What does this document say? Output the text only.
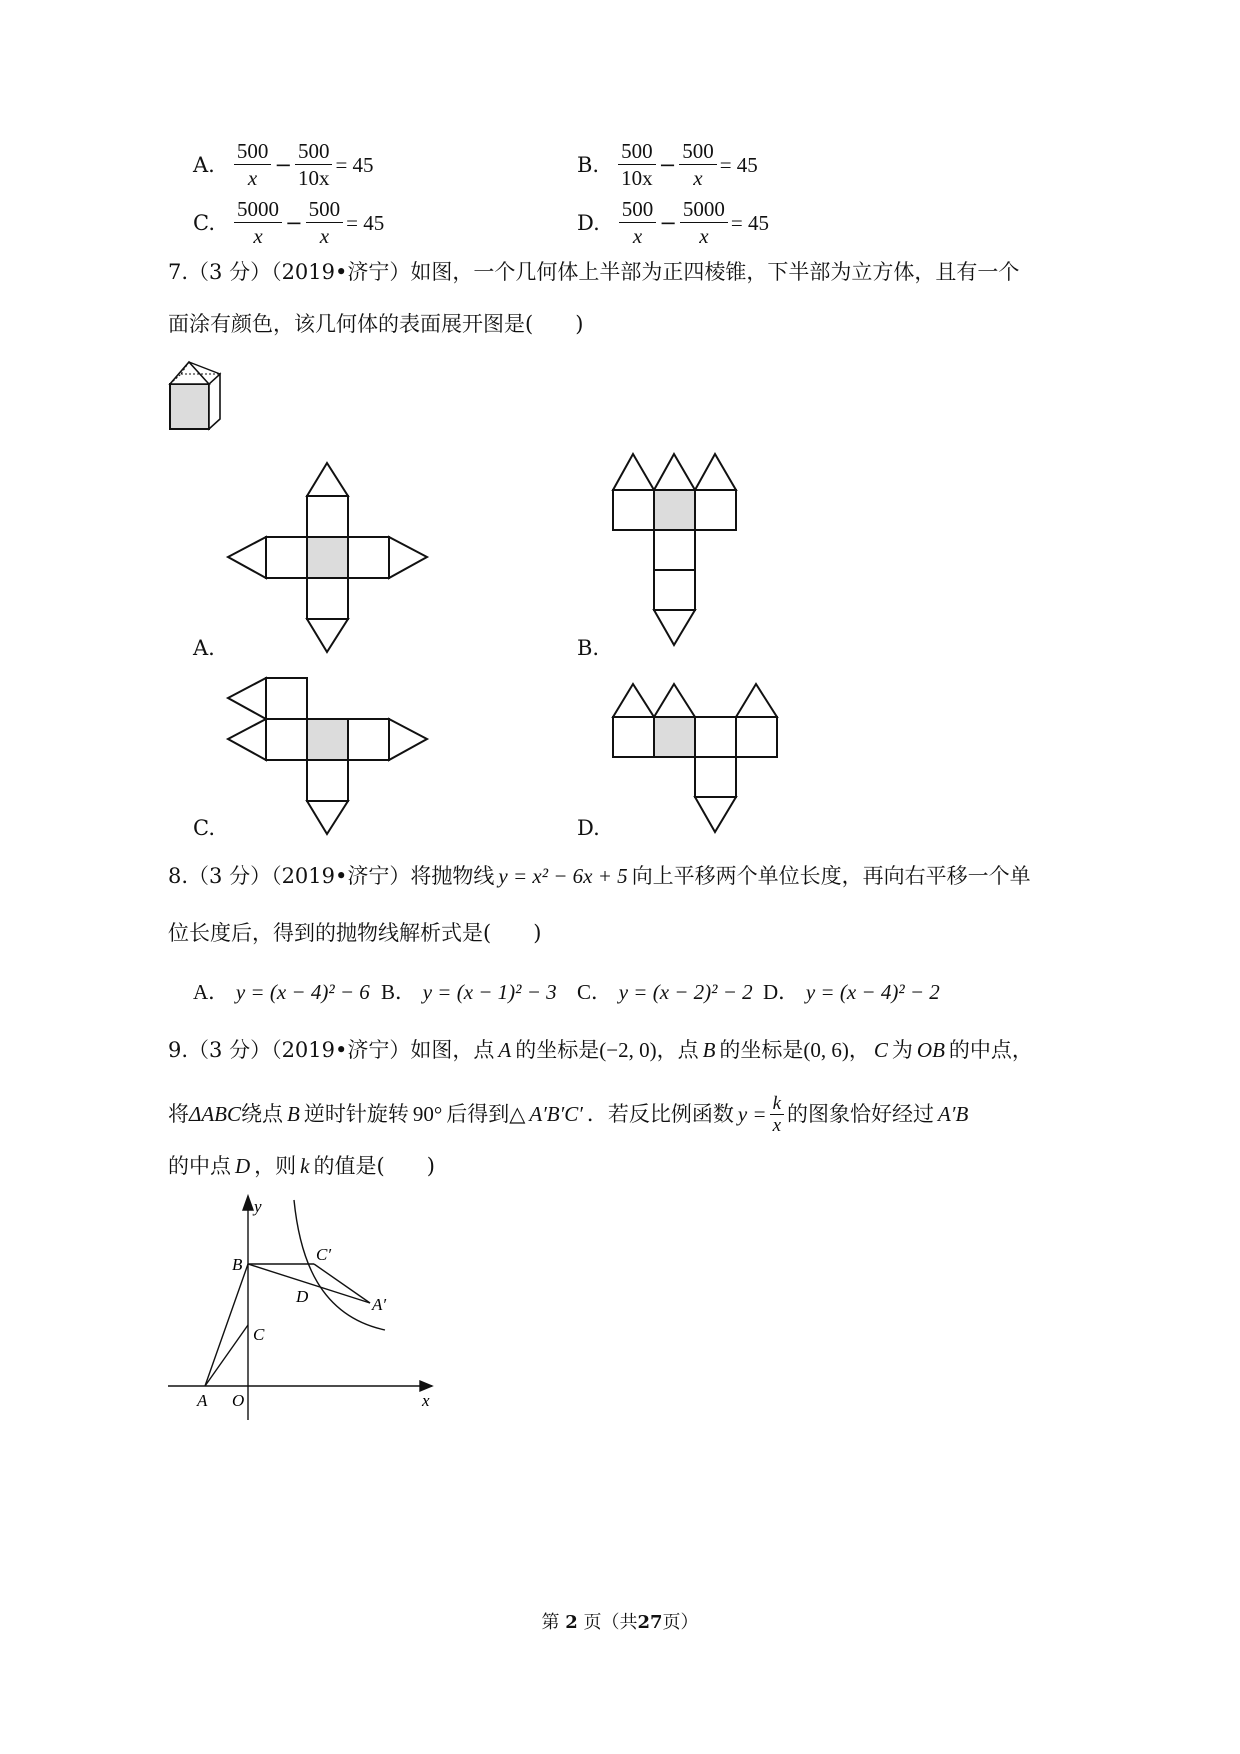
A. $\frac{500}{x} - \frac{500}{10x} = 45$	B. $\frac{500}{10x} - \frac{500}{x} = 45$
C. $\frac{5000}{x} - \frac{500}{x} = 45$	D. $\frac{500}{x} - \frac{5000}{x} = 45$
7.（3 分）（2019•济宁）如图，一个几何体上半部为正四棱锥，下半部为立方体，且有一个
面涂有颜色，该几何体的表面展开图是(　　)
A.	B.
C.	D.
8.（3 分）（2019•济宁）将抛物线 y = x² − 6x + 5 向上平移两个单位长度，再向右平移一个单
位长度后，得到的抛物线解析式是(　　)
A． y = (x − 4)² − 6 B． y = (x − 1)² − 3 C． y = (x − 2)² − 2 D． y = (x − 4)² − 2
9.（3 分）（2019•济宁）如图，点 A 的坐标是(−2, 0)，点 B 的坐标是(0, 6)， C 为 OB 的中点，
将 ΔABC 绕点 B 逆时针旋转 90° 后得到△ A′B′C′ ．若反比例函数 $y = \frac{k}{x}$ 的图象恰好经过 A′B
的中点 D ，则 k 的值是(　　)
y
x
B
C′
D	A′
C
A O
第 2 页（共27页）
